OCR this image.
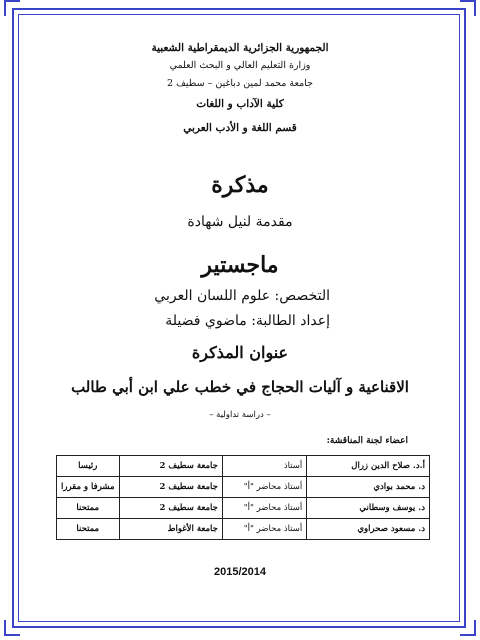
الجمهورية الجزائرية الديمقراطية الشعبية
وزارة التعليم العالي و البحث العلمي
جامعة محمد لمين دباغين – سطيف 2
كلية الآداب و اللغات
قسم اللغة و الأدب العربي
مذكرة
مقدمة لنيل شهادة
ماجستير
التخصص: علوم اللسان العربي
إعداد الطالبة: ماضوي فضيلة
عنوان المذكرة
الاقناعية و آليات الحجاج في خطب علي ابن أبي طالب
– دراسة تداولية –
اعضاء لجنة المناقشة:
أ.د. صلاح الدين زرال	أستاذ	جامعة سطيف 2	رئيسا
د. محمد بوادي	أستاذ محاضر "أ"	جامعة سطيف 2	مشرفا و مقررا
د. يوسف وسطاني	أستاذ محاضر "أ"	جامعة سطيف 2	ممتحنا
د. مسعود صحراوي	أستاذ محاضر "أ"	جامعة الأغواط	ممتحنا
2015/2014
